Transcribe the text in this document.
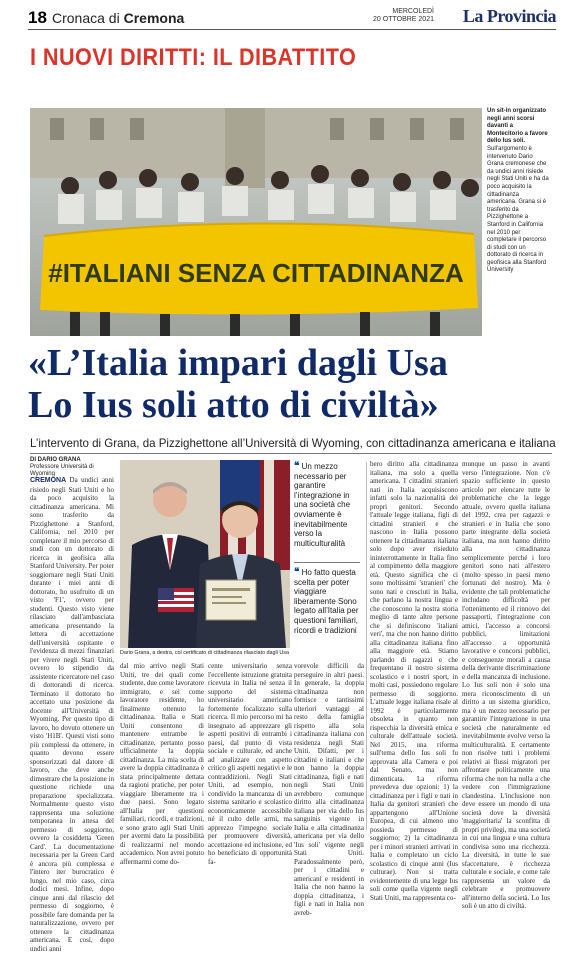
18 Cronaca di Cremona	MERCOLEDÌ
20 OTTOBRE 2021 La Provincia
I NUOVI DIRITTI: IL DIBATTITO
#ITALIANI SENZA CITTADINANZA
Un sit-in organizzato negli anni scorsi davanti a Montecitorio a favore dello Ius soli. Sull'argomento è intervenuto Dario Grana cremonese che da undici anni risiede negli Stati Uniti e ha da poco acquisito la cittadinanza americana. Grana si è trasferito da Pizzighettone a Stanford in California nel 2010 per completare il percorso di studi con un dottorato di ricerca in geofisica alla Stanford University
«L’Italia impari dagli Usa
Lo Ius soli atto di civiltà»
L’intervento di Grana, da Pizzighettone all’Università di Wyoming, con cittadinanza americana e italiana
DI DARIO GRANA
Professore Università di Wyoming
CREMONA Da undici anni risiedo negli Stati Uniti e ho da poco acquisito la cittadinanza americana. Mi sono trasferito da Pizzighettone a Stanford, California, nel 2010 per completare il mio percorso di studi con un dottorato di ricerca in geofisica alla Stanford University. Per poter soggiornare negli Stati Uniti durante i miei anni di dottorato, ho usufruito di un visto 'F1', ovvero per studenti. Questo visto viene rilasciato dall'ambasciata americana presentando la lettera di accettazione dell'università ospitante e l'evidenza di mezzi finanziari per vivere negli Stati Uniti, ovvero lo stipendio da assistente ricercatore nel caso di dottorandi di ricerca. Terminato il dottorato ho accettato una posizione da docente all'Università di Wyoming. Per questo tipo di lavoro, ho dovuto ottenere un visto 'H1B'. Questi visti sono più complessi da ottenere, in quanto devono essere sponsorizzati dal datore di lavoro, che deve anche dimostrare che la posizione in questione richiede una preparazione specializzata. Normalmente questo visto rappresenta una soluzione temporanea in attesa del permesso di soggiorno, ovvero la cosiddetta 'Green Card'. La documentazione necessaria per la Green Card è ancora più complessa e l'intero iter burocratico è lungo, nel mio caso, circa dodici mesi. Infine, dopo cinque anni dal rilascio del permesso di soggiorno, è possibile fare domanda per la naturalizzazione, ovvero per ottenere la cittadinanza americana. E così, dopo undici anni
Dario Grana, a destra, col certificato di cittadinanza rilasciato dagli Usa
dal mio arrivo negli Stati Uniti, tre dei quali come studente, due come lavoratore immigrato, e sei come lavoratore residente, ho finalmente ottenuto la cittadinanza. Italia e Stati Uniti consentono di mantenere entrambe le cittadinanze, pertanto posso ufficialmente la doppia cittadinanza. La mia scelta di avere la doppia cittadinanza è stata principalmente dettata da ragioni pratiche, per poter viaggiare liberamente tra i due paesi. Sono legato all'Italia per questioni familiari, ricordi, e tradizioni, e sono grato agli Stati Uniti per avermi dato la possibilità di realizzarmi nel mondo accademico. Non avrei potuto affermarmi come do-
cente universitario senza l'eccellente istruzione gratuita ricevuta in Italia né senza il supporto del sistema universitario americano fortemente focalizzato sulla ricerca. Il mio percorso mi ha insegnato ad apprezzare gli aspetti positivi di entrambi i paesi, dal punto di vista sociale e culturale, ed anche ad analizzare con aspetto critico gli aspetti negativi e le contraddizioni. Negli Stati Uniti, ad esempio, non condivido la mancanza di un sistema sanitario e scolastico economicamente accessibile né il culto delle armi, ma apprezzo l'impegno sociale per promuovere diversità, accettazione ed inclusione, ed ho beneficiato di opportunità fa-
❝ Un mezzo necessario per garantire l’integrazione in una società che ovviamente è inevitabilmente verso la multiculturalità
❝ Ho fatto questa scelta per poter viaggiare liberamente Sono legato all’Italia per questioni familiari, ricordi e tradizioni
vorevole difficili da perseguire in altri paesi. In generale, la doppia cittadinanza non fornisce e tantissimi ulteriori vantaggi al resto della famiglia rispetto alla sola cittadinanza italiana con residenza negli Stati Uniti. Difatti, per i cittadini e italiani e che non hanno la doppia cittadinanza, figli e nati negli Stati Uniti avrebbero comunque diritto alla cittadinanza italiana per via dello Ius sanguinis vigente in Italia e alla cittadinanza americana per via dello 'Ius soli' vigente negli Stati Uniti. Paradossalmente però, per i cittadini e americani e residenti in Italia che non hanno la doppia cittadinanza, i figli e nati in Italia non avreb-
bero diritto alla cittadinanza italiana, ma solo a quella americana. I cittadini stranieri nati in Italia acquisiscono infatti solo la nazionalità dei propri genitori. Secondo l'attuale legge italiana, figli di cittadini stranieri e che nascono in Italia possono ottenere la cittadinanza italiana solo dopo aver risieduto ininterrottamente in Italia fino al compimento della maggiore età. Questo significa che ci sono moltissimi 'stranieri' che sono nati e cresciuti in Italia, che parlano la nostra lingua e che conoscono la nostra storia meglio di tante altre persone che si definiscono 'italiani veri', ma che non hanno diritto alla cittadinanza italiana fino alla maggiore età. Stiamo parlando di ragazzi e che frequentano il nostro sistema scolastico e i nostri sport, in molti casi, possiedono regolare permesso di soggiorno. L'attuale legge italiana risale al 1992 è particolarmente obsoleta in quanto non rispecchia la diversità etnica e culturale dell'attuale società. Nel 2015, una riforma sull'tema dello Ius soli fu approvata alla Camera e poi dal Senato, ma non dimenticata. La riforma prevedeva due opzioni: 1) la cittadinanza per i figli e nati in Italia da genitori stranieri che appartengono all'Unione Europea, di cui almeno uno possieda permesso di soggiorno; 2) la cittadinanza per i minori stranieri arrivati in Italia e completato un ciclo scolastico di cinque anni (Ius culturae). Non si tratta evidentemente di una legge Ius soli come quella vigente negli Stati Uniti, ma rappresenta co-
munque un passo in avanti verso l'integrazione. Non c'è spazio sufficiente in questo articolo per elencare tutte le problematiche che la legge attuale, ovvero quella italiana del 1992, crea per ragazzi e stranieri e in Italia che sono parte integrante della società italiana, ma non hanno diritto alla cittadinanza semplicemente perché i loro genitori sono nati all'estero (molto spesso in paesi meno fortunati del nostro). Ma è evidente che tali problematiche includano difficoltà per l'ottenimento ed il rinnovo dei passaporti, l'integrazione con amici, l'accesso a concorsi pubblici, limitazioni all'accesso a opportunità lavorative e concorsi pubblici, e conseguenze morali a causa della derivante discriminazione e della mancanza di inclusione. Lo Ius soli non è solo una mera riconoscimento di un diritto a un sistema giuridico, ma è un mezzo necessario per garantire l'integrazione in una società che naturalmente ed inevitabilmente evolve verso la multiculturalità. E certamente non risolve tutti i problemi relativi ai flussi migratori per affrontare politicamente una riforma che non ha nulla a che vedere con l'immigrazione clandestina. L'inclusione non deve essere un mondo di una società dove la diversità 'maggioritaria' la sconfitta di propri privilegi, ma una società in cui una lingua e una cultura condivisa sono una ricchezza. La diversità, in tutte le sue sfaccettature, è ricchezza culturale e sociale, e come tale rappresenta un valore da celebrare e promuovere all'interno della società. Lo Ius soli è un atto di civiltà.
